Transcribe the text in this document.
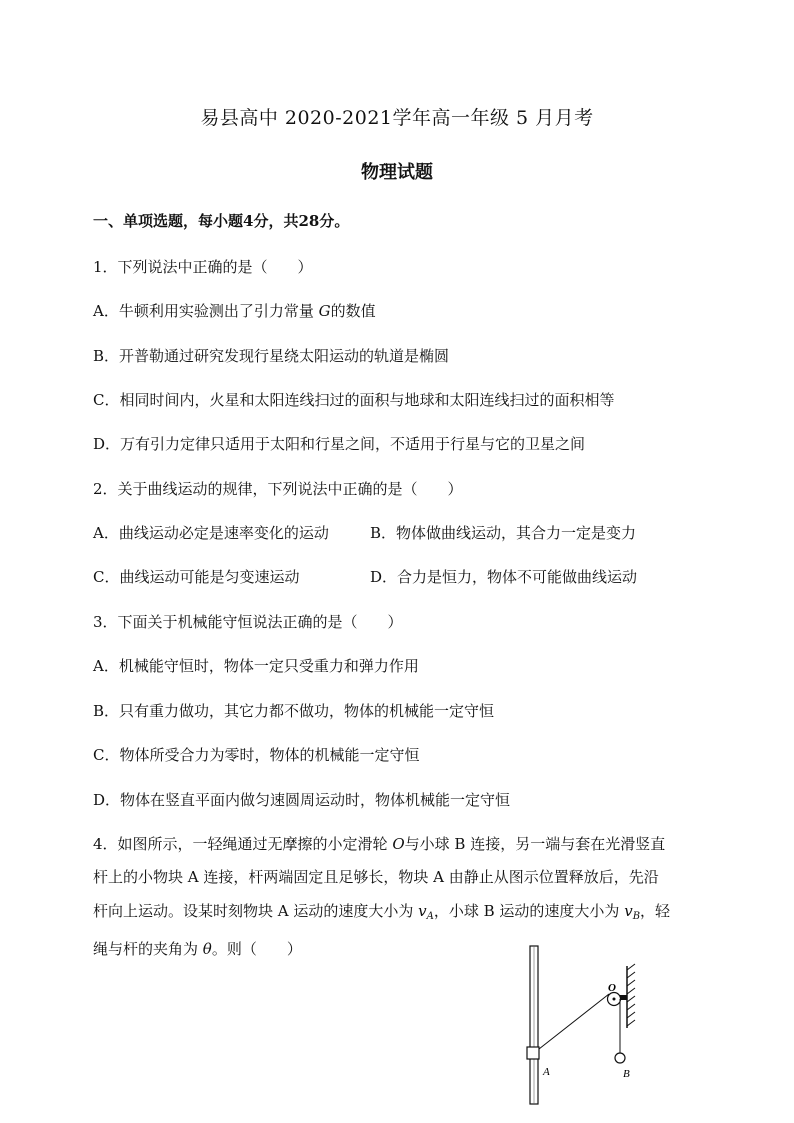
易县高中 2020-2021学年高一年级 5 月月考
物理试题
一、单项选题，每小题4分，共28分。
1．下列说法中正确的是（　　）
A．牛顿利用实验测出了引力常量 G的数值
B．开普勒通过研究发现行星绕太阳运动的轨道是椭圆
C．相同时间内，火星和太阳连线扫过的面积与地球和太阳连线扫过的面积相等
D．万有引力定律只适用于太阳和行星之间，不适用于行星与它的卫星之间
2．关于曲线运动的规律，下列说法中正确的是（　　）
A．曲线运动必定是速率变化的运动	B．物体做曲线运动，其合力一定是变力
C．曲线运动可能是匀变速运动	D．合力是恒力，物体不可能做曲线运动
3．下面关于机械能守恒说法正确的是（　　）
A．机械能守恒时，物体一定只受重力和弹力作用
B．只有重力做功，其它力都不做功，物体的机械能一定守恒
C．物体所受合力为零时，物体的机械能一定守恒
D．物体在竖直平面内做匀速圆周运动时，物体机械能一定守恒
4．如图所示，一轻绳通过无摩擦的小定滑轮 O与小球 B 连接，另一端与套在光滑竖直
杆上的小物块 A 连接，杆两端固定且足够长，物块 A 由静止从图示位置释放后，先沿
杆向上运动。设某时刻物块 A 运动的速度大小为 $v_A$，小球 B 运动的速度大小为 $v_B$，轻
绳与杆的夹角为 θ。则（　　）
O
A	B
